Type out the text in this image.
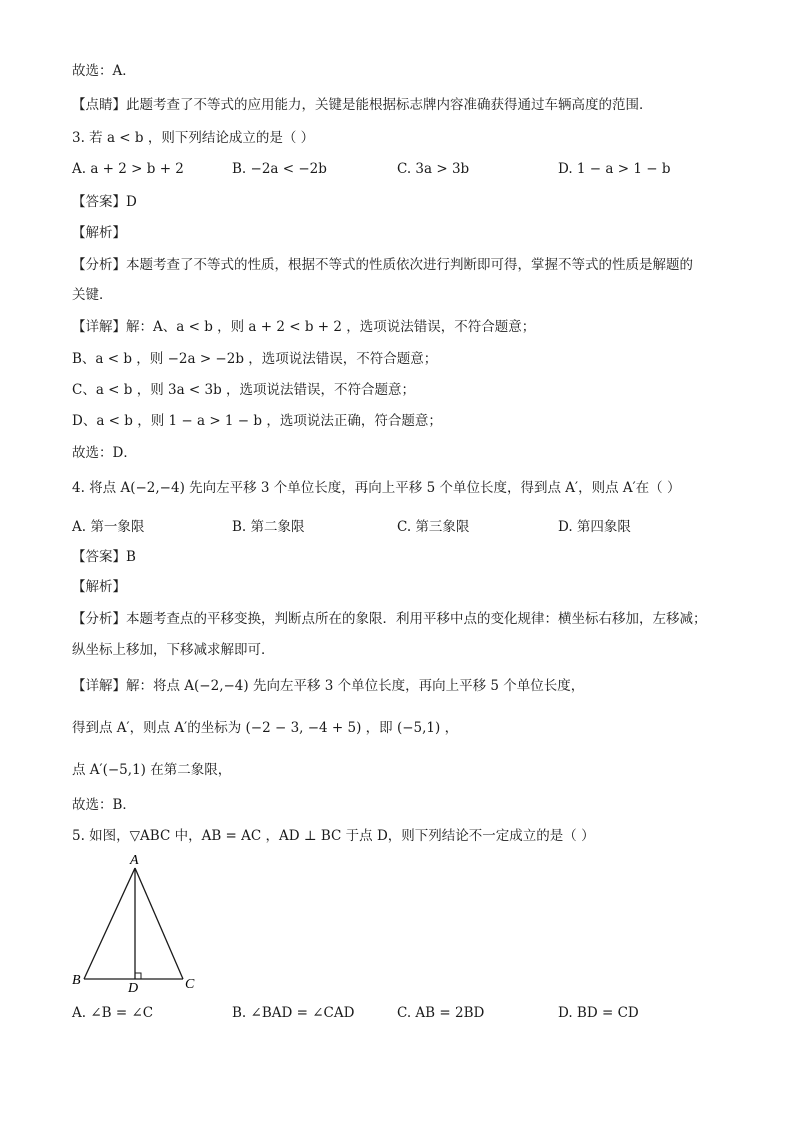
故选：A．
【点睛】此题考查了不等式的应用能力，关键是能根据标志牌内容准确获得通过车辆高度的范围．
3. 若 a < b ，则下列结论成立的是（ ）
A. a + 2 > b + 2	B. −2a < −2b	C. 3a > 3b	D. 1 − a > 1 − b
【答案】D
【解析】
【分析】本题考查了不等式的性质，根据不等式的性质依次进行判断即可得，掌握不等式的性质是解题的
关键．
【详解】解：A、a < b ，则 a + 2 < b + 2 ，选项说法错误，不符合题意；
B、a < b ，则 −2a > −2b ，选项说法错误，不符合题意；
C、a < b ，则 3a < 3b ，选项说法错误，不符合题意；
D、a < b ，则 1 − a > 1 − b ，选项说法正确，符合题意；
故选：D．
4. 将点 A(−2,−4) 先向左平移 3 个单位长度，再向上平移 5 个单位长度，得到点 A′，则点 A′在（ ）
A. 第一象限	B. 第二象限	C. 第三象限	D. 第四象限
【答案】B
【解析】
【分析】本题考查点的平移变换，判断点所在的象限．利用平移中点的变化规律：横坐标右移加，左移减；
纵坐标上移加，下移减求解即可．
【详解】解：将点 A(−2,−4) 先向左平移 3 个单位长度，再向上平移 5 个单位长度，
得到点 A′，则点 A′的坐标为 (−2 − 3, −4 + 5) ，即 (−5,1) ，
点 A′(−5,1) 在第二象限，
故选：B．
5. 如图，▽ABC 中，AB = AC ，AD ⊥ BC 于点 D，则下列结论不一定成立的是（ ）
A
B	C
D
A. ∠B = ∠C	B. ∠BAD = ∠CAD	C. AB = 2BD	D. BD = CD
